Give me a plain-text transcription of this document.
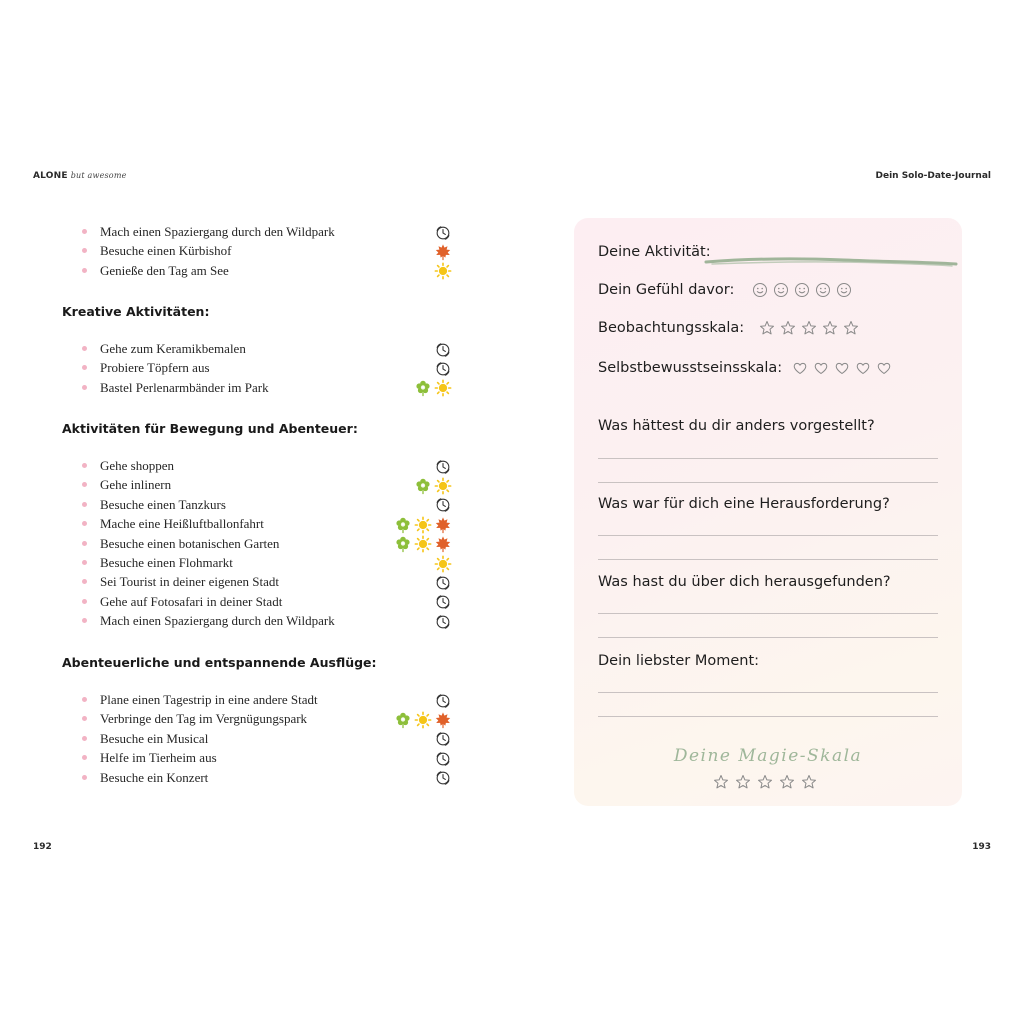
ALONE but awesome	Dein Solo-Date-Journal
192	193
Mach einen Spaziergang durch den Wildpark
Besuche einen Kürbishof
Genieße den Tag am See
Kreative Aktivitäten:
Gehe zum Keramikbemalen
Probiere Töpfern aus
Bastel Perlenarmbänder im Park
Aktivitäten für Bewegung und Abenteuer:
Gehe shoppen
Gehe inlinern
Besuche einen Tanzkurs
Mache eine Heißluftballonfahrt
Besuche einen botanischen Garten
Besuche einen Flohmarkt
Sei Tourist in deiner eigenen Stadt
Gehe auf Fotosafari in deiner Stadt
Mach einen Spaziergang durch den Wildpark
Abenteuerliche und entspannende Ausflüge:
Plane einen Tagestrip in eine andere Stadt
Verbringe den Tag im Vergnügungspark
Besuche ein Musical
Helfe im Tierheim aus
Besuche ein Konzert
Deine Aktivität:
Dein Gefühl davor:
Beobachtungsskala:
Selbstbewusstseinsskala:
Was hättest du dir anders vorgestellt?
Was war für dich eine Herausforderung?
Was hast du über dich herausgefunden?
Dein liebster Moment:
Deine Magie-Skala
